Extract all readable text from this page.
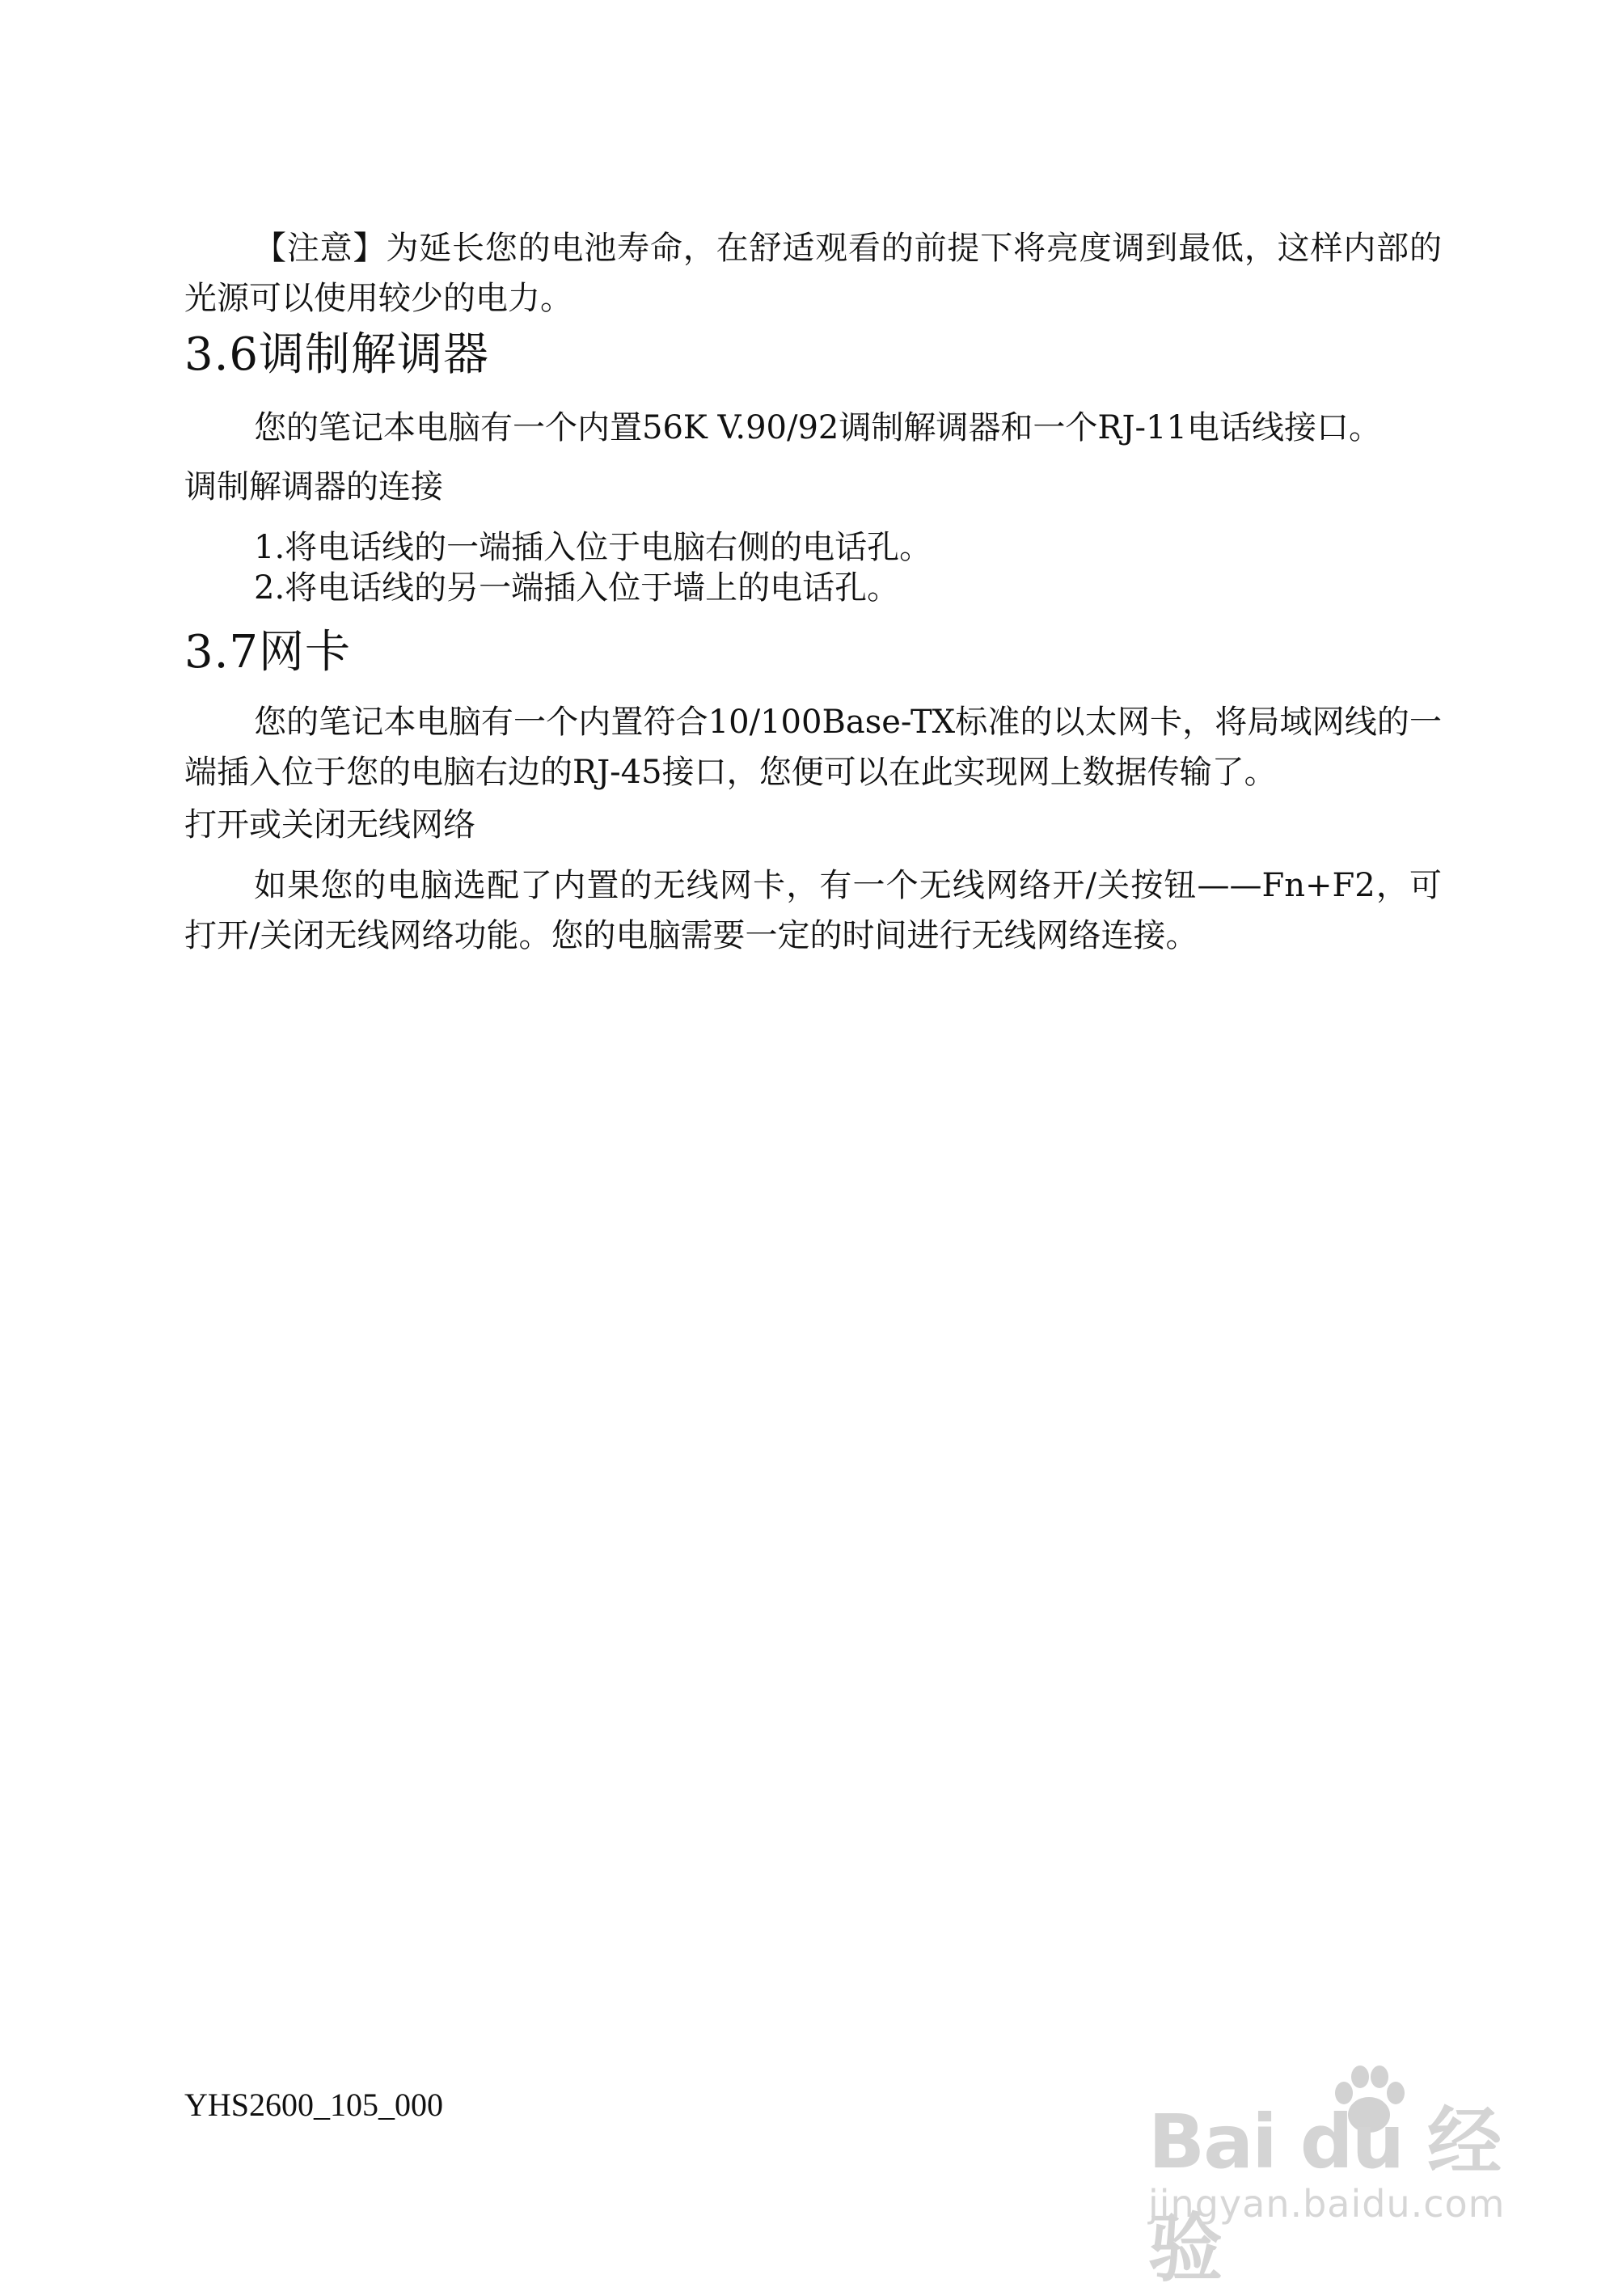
【注意】为延长您的电池寿命，在舒适观看的前提下将亮度调到最低，这样内部的光源可以使用较少的电力。

3.6调制解调器

您的笔记本电脑有一个内置56K V.90/92调制解调器和一个RJ-11电话线接口。

调制解调器的连接

1.将电话线的一端插入位于电脑右侧的电话孔。

2.将电话线的另一端插入位于墙上的电话孔。

3.7网卡

您的笔记本电脑有一个内置符合10/100Base-TX标准的以太网卡，将局域网线的一端插入位于您的电脑右边的RJ-45接口，您便可以在此实现网上数据传输了。

打开或关闭无线网络

如果您的电脑选配了内置的无线网卡，有一个无线网络开/关按钮——Fn+F2，可打开/关闭无线网络功能。您的电脑需要一定的时间进行无线网络连接。

YHS2600_105_000	Bai du 经验
jingyan.baidu.com
